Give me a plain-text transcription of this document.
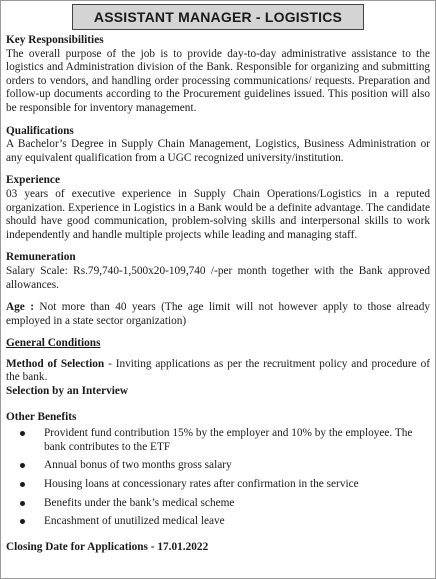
ASSISTANT MANAGER - LOGISTICS
Key Responsibilities

The overall purpose of the job is to provide day-to-day administrative assistance to the logistics and Administration division of the Bank. Responsible for organizing and submitting orders to vendors, and handling order processing communications/ requests. Preparation and follow-up documents according to the Procurement guidelines issued. This position will also be responsible for inventory management.

Qualifications

A Bachelor’s Degree in Supply Chain Management, Logistics, Business Administration or any equivalent qualification from a UGC recognized university/institution.

Experience

03 years of executive experience in Supply Chain Operations/Logistics in a reputed organization. Experience in Logistics in a Bank would be a definite advantage. The candidate should have good communication, problem-solving skills and interpersonal skills to work independently and handle multiple projects while leading and managing staff.

Remuneration

Salary Scale: Rs.79,740-1,500x20-109,740 /-per month together with the Bank approved allowances.

Age : Not more than 40 years (The age limit will not however apply to those already employed in a state sector organization)

General Conditions

Method of Selection - Inviting applications as per the recruitment policy and procedure of the bank.

Selection by an Interview
Other Benefits
Provident fund contribution 15% by the employer and 10% by the employee. The bank contributes to the ETF
Annual bonus of two months gross salary
Housing loans at concessionary rates after confirmation in the service
Benefits under the bank’s medical scheme
Encashment of unutilized medical leave

Closing Date for Applications - 17.01.2022
